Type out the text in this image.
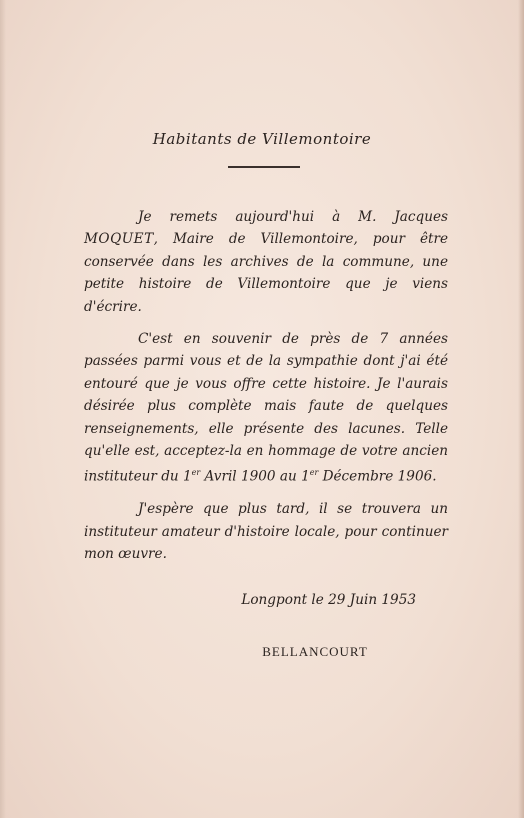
Habitants de Villemontoire

Je remets aujourd'hui à M. Jacques MOQUET, Maire de Villemontoire, pour être conservée dans les archives de la commune, une petite histoire de Villemontoire que je viens d'écrire.

C'est en souvenir de près de 7 années passées parmi vous et de la sympathie dont j'ai été entouré que je vous offre cette histoire. Je l'aurais désirée plus complète mais faute de quelques renseignements, elle présente des lacunes. Telle qu'elle est, acceptez-la en hommage de votre ancien instituteur du 1er Avril 1900 au 1er Décembre 1906.

J'espère que plus tard, il se trouvera un instituteur amateur d'histoire locale, pour continuer mon œuvre.

Longpont le 29 Juin 1953
BELLANCOURT
